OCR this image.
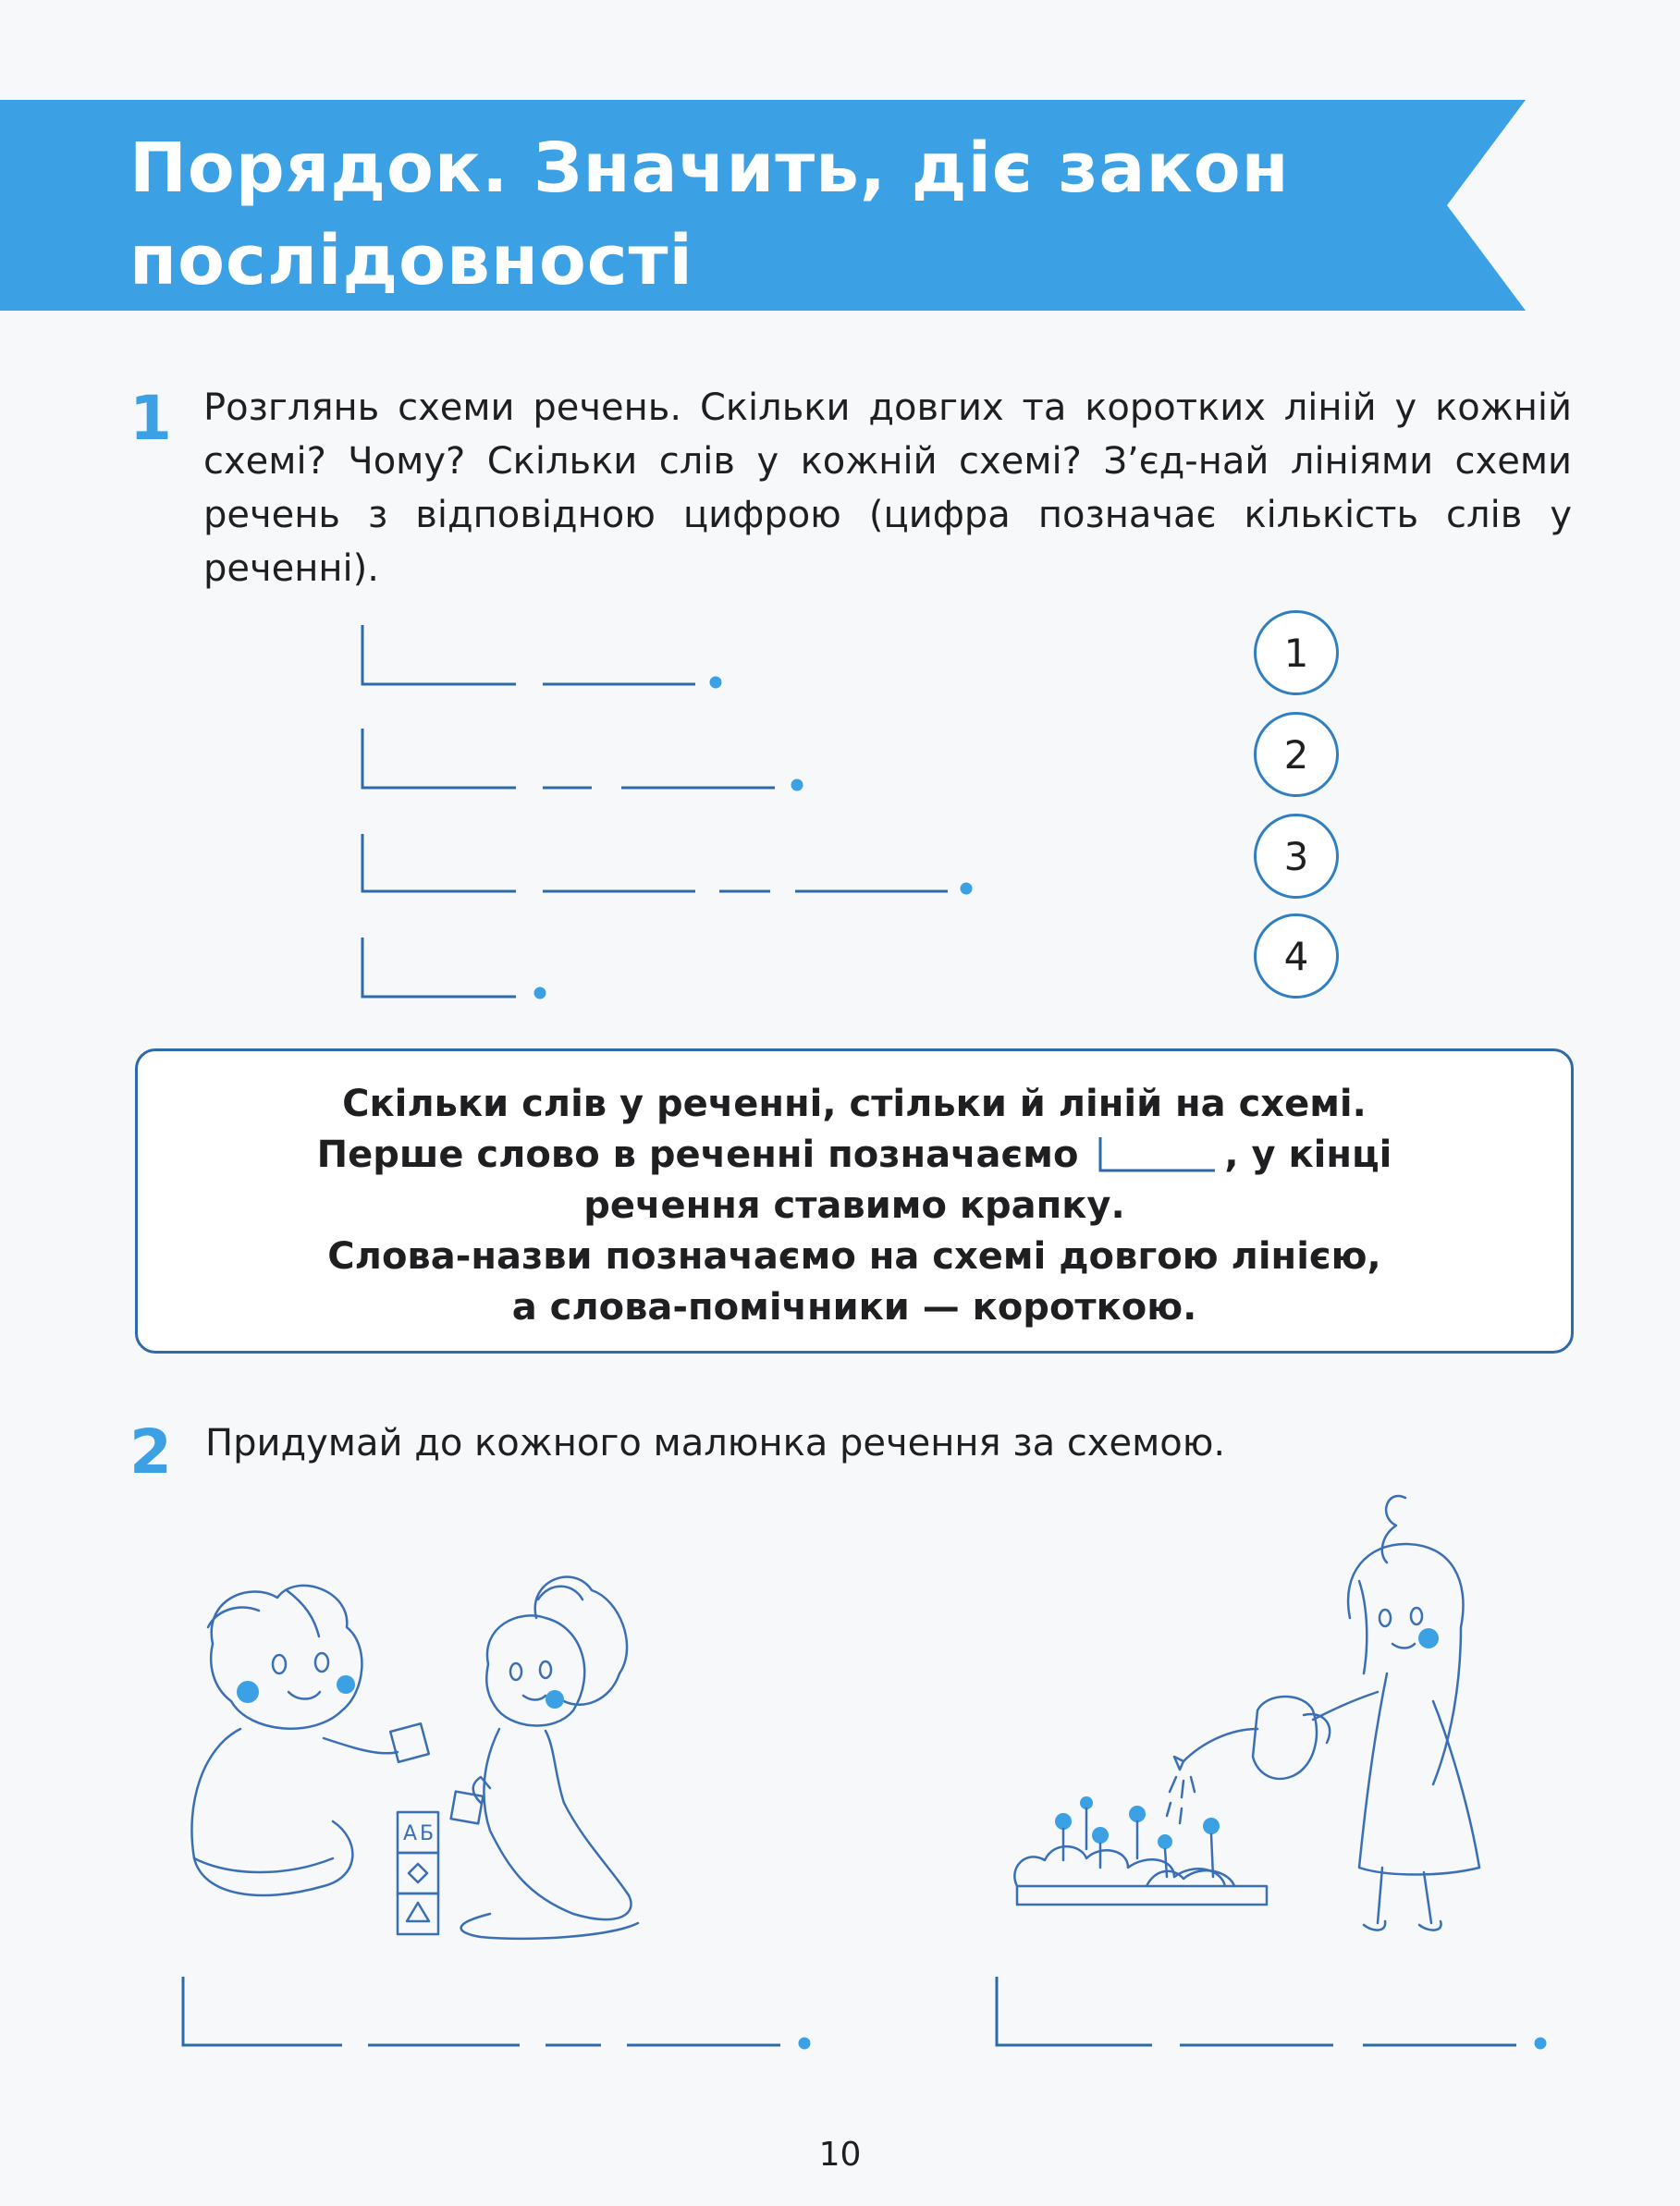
Порядок. Значить, діє закон послідовності
1 Розглянь схеми речень. Скільки довгих та коротких ліній у кожній схемі? Чому? Скільки слів у кожній схемі? З’єд-най лініями схеми речень з відповідною цифрою (цифра позначає кількість слів у реченні).

1
2
3
4
Скільки слів у реченні, стільки й ліній на схемі.
Перше слово в реченні позначаємо	, у кінці
речення ставимо крапку.
Слова-назви позначаємо на схемі довгою лінією,
а слова-помічники — короткою.
2 Придумай до кожного малюнка речення за схемою.

А Б
10
